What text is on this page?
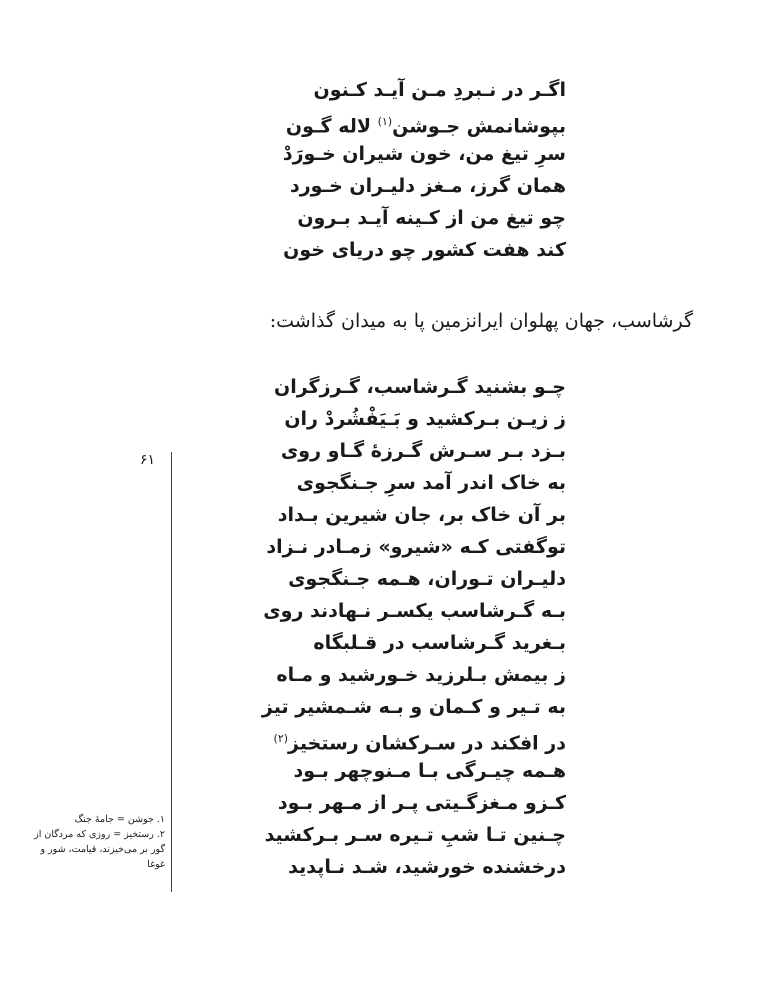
اگـر در نـبردِ مـن آیـد کـنون
بپوشانمش جـوشن$^{(۱)}$ لاله گـون
سرِ تیغ من، خون شیران خـورَدْ
همان گرز، مـغز دلیـران خـورد
چو تیغ من از کـینه آیـد بـرون
کند هفت کشور چو دریای خون
گرشاسب، جهان پهلوان ایرانزمین پا به میدان گذاشت:
چـو بشنید گـرشاسب، گـرزگران
ز زیـن بـرکشید و بَـیَفْشُردْ ران
بـزد بـر سـرش گـرزهٔ گـاو روی
به خاک اندر آمد سرِ جـنگجوی
بر آن خاک بر، جان شیرین بـداد
توگفتی کـه «شیرو» زمـادر نـزاد
دلیـران تـوران، هـمه جـنگجوی
بـه گـرشاسب یکسـر نـهادند روی
بـغرید گـرشاسب در قـلبگاه
ز بیمش بـلرزید خـورشید و مـاه
به تـیر و کـمان و بـه شـمشیر تیز
در افکند در سـرکشان رستخیز$^{(۲)}$
هـمه چیـرگی بـا مـنوچهر بـود
کـزو مـغزگـیتی پـر از مـهر بـود
چـنین تـا شبِ تـیره سـر بـرکشید
درخشنده خورشید، شـد نـاپدید
۶۱

۱. جوشن = جامهٔ جنگ

۲. رستخیز = روزی که مردگان از گور بر می‌خیزند، قیامت، شور و غوغا
